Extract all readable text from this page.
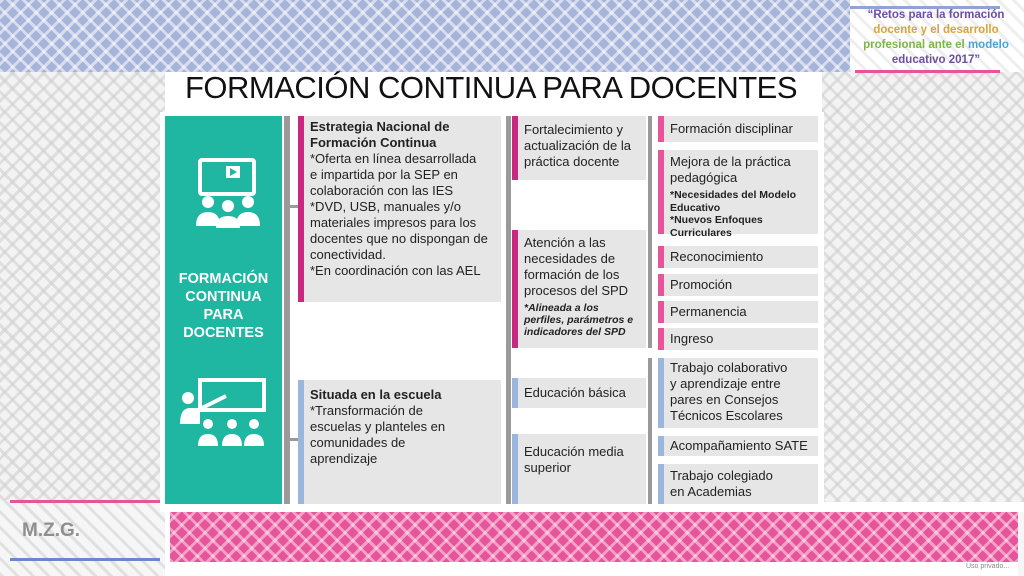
“Retos para la formación
docente y el desarrollo
profesional ante el modelo
educativo 2017”
FORMACIÓN CONTINUA PARA DOCENTES
FORMACIÓN
CONTINUA
PARA
DOCENTES
Estrategia Nacional de
Formación Continua
*Oferta en línea desarrollada
e impartida por la SEP en
colaboración con las IES
*DVD, USB, manuales y/o
materiales impresos para los
docentes que no dispongan de
conectividad.
*En coordinación con las AEL
Situada en la escuela
*Transformación de
escuelas y planteles en
comunidades de
aprendizaje
Fortalecimiento y
actualización de la
práctica docente
Atención a las
necesidades de
formación de los
procesos del SPD
*Alineada a los
perfiles, parámetros e
indicadores del SPD
Educación básica
Educación media
superior
Formación disciplinar
Mejora de la práctica
pedagógica
*Necesidades del Modelo
Educativo
*Nuevos Enfoques Curriculares
Reconocimiento
Promoción
Permanencia
Ingreso
Trabajo colaborativo
y aprendizaje entre
pares en Consejos
Técnicos Escolares
Acompañamiento SATE
Trabajo colegiado
en Academias
M.Z.G.
Uso privado...
